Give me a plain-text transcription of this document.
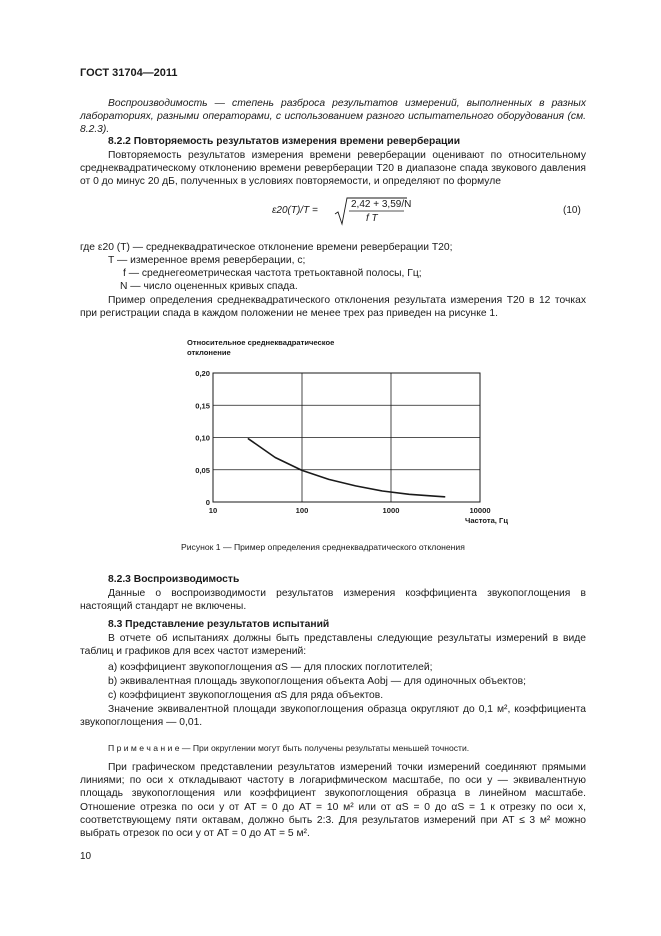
ГОСТ 31704—2011
Воспроизводимость — степень разброса результатов измерений, выполненных в разных лабораториях, разными операторами, с использованием разного испытательного оборудования (см. 8.2.3).
8.2.2 Повторяемость результатов измерения времени реверберации
Повторяемость результатов измерения времени реверберации оценивают по относительному среднеквадратическому отклонению времени реверберации T20 в диапазоне спада звукового давления от 0 до минус 20 дБ, полученных в условиях повторяемости, и определяют по формуле
ε20(T)/T =
2,42 + 3,59/N
f T
(10)
где ε20 (T) — среднеквадратическое отклонение времени реверберации T20;
T — измеренное время реверберации, с;
f — среднегеометрическая частота третьоктавной полосы, Гц;
N — число оцененных кривых спада.
Пример определения среднеквадратического отклонения результата измерения T20 в 12 точках при регистрации спада в каждом положении не менее трех раз приведен на рисунке 1.
Относительное среднеквадратическое
отклонение
0
0,05
0,10
0,15
0,20
10	100	1000	10000
Частота, Гц
Рисунок 1 — Пример определения среднеквадратического отклонения
8.2.3 Воспроизводимость
Данные о воспроизводимости результатов измерения коэффициента звукопоглощения в настоящий стандарт не включены.
8.3 Представление результатов испытаний
В отчете об испытаниях должны быть представлены следующие результаты измерений в виде таблиц и графиков для всех частот измерений:
a) коэффициент звукопоглощения αS — для плоских поглотителей;
b) эквивалентная площадь звукопоглощения объекта Aobj — для одиночных объектов;
c) коэффициент звукопоглощения αS для ряда объектов.
Значение эквивалентной площади звукопоглощения образца округляют до 0,1 м², коэффициента звукопоглощения — 0,01.
П р и м е ч а н и е — При округлении могут быть получены результаты меньшей точности.
При графическом представлении результатов измерений точки измерений соединяют прямыми линиями; по оси x откладывают частоту в логарифмическом масштабе, по оси y — эквивалентную площадь звукопоглощения или коэффициент звукопоглощения образца в линейном масштабе. Отношение отрезка по оси y от AT = 0 до AT = 10 м² или от αS = 0 до αS = 1 к отрезку по оси x, соответствующему пяти октавам, должно быть 2:3. Для результатов измерений при AT ≤ 3 м² можно выбрать отрезок по оси y от AT = 0 до AT = 5 м².
10
